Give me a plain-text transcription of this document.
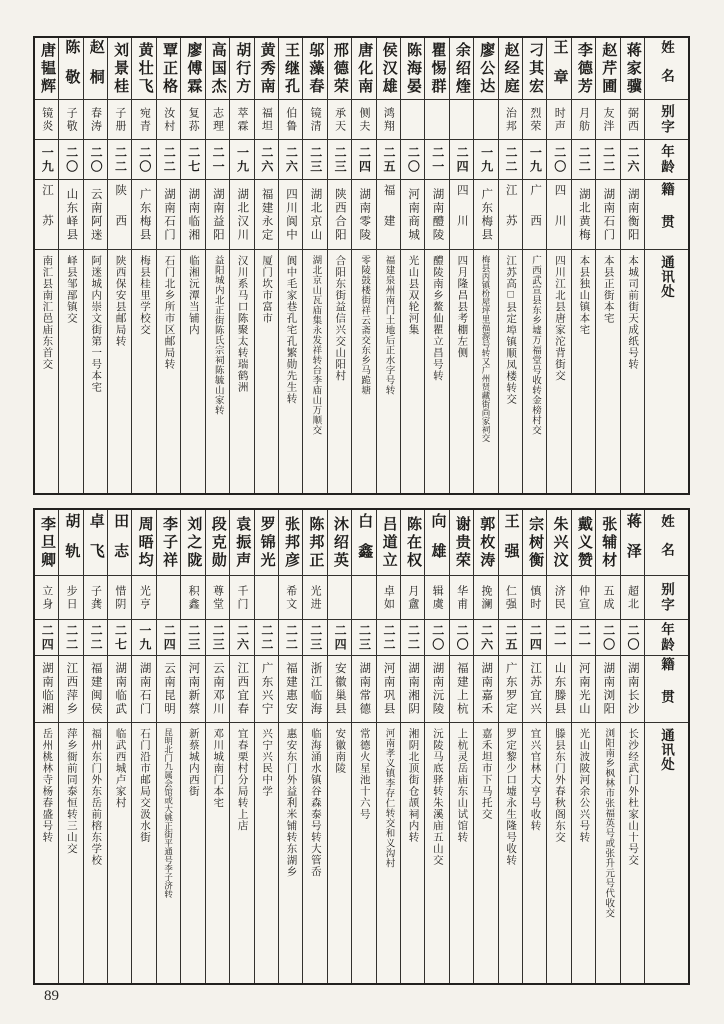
姓名
别字
年龄
籍贯
通讯处
蒋家骥
弼西
二六
湖南衡阳
本城司前街天成纸号转
赵芹圃
友泮
二二
湖南石门
本县正街本宅
李德芳
月舫
二二
湖北黄梅
本县独山镇本宅
王章
时声
二〇
四川
四川江北县唐家沱背街交
刁其宏
烈荣
一九
广西
广西武宣县东乡墟万福堂号收转金榜村交
赵经庭
治邦
二二
江苏
江苏高□县定埠镇顺凤楼转交
廖公达
一九
广东梅县
梅县丙镇枌屋坪里福源号转又广州贤藏街尚家祠交
余绍煃
二四
四川
四月隆昌县考棚左侧
瞿惕群
二一
湖南醴陵
醴陵南乡鳌仙瞿立昌号转
陈海晏
二〇
河南商城
光山县双轮河集
侯汉雄
鸿翔
二五
福建
福建泉州南门土地后正水字号转
唐化南
侧夫
二四
湖南零陵
零陵鼓楼街祥云斋交东乡马跪塘
邢德荣
承天
二三
陕西合阳
合阳东街益信兴交山阳村
邬藻春
镜清
二三
湖北京山
湖北京山瓦庙集永发祥转台李庙山万顺交
王继孔
伯鲁
二六
四川阆中
阆中毛家巷孔宅孔繁勋先生转
黄秀南
福坦
二六
福建永定
厦门坎市富市
胡行方
萃霖
一九
湖北汉川
汉川系马口陈聚太转瑞鹤洲
高国杰
志理
二一
湖南益阳
益阳城内北正街陈氏宗祠陈毓山家转
廖傅霖
复荪
二七
湖南临湘
临湘沅潭当铺内
覃正格
汝村
二二
湖南石门
石门北乡所市区邮局转
黄壮飞
宛青
二〇
广东梅县
梅县桂里学校交
刘景桂
子册
二二
陕西
陕西保安县邮局转
赵桐
春涛
二〇
云南阿迷
阿迷城内崇文街第一号本宅
陈敬
子敬
二〇
山东峄县
峄县邹郚镇交
唐韫辉
镜炎
一九
江苏
南汇县南汇邑庙东首交
姓名
别字
年龄
籍贯
通讯处
蒋泽
超北
二〇
湖南长沙
长沙经武门外杜家山十号交
张辅材
五成
二〇
湖南浏阳
浏阳南乡枫林市张福英号或张升元号代收交
戴义赞
仲宣
二一
河南光山
光山波陂河余公兴号转
朱兴汶
济民
二一
山东滕县
滕县东门外春秋阁东交
宗树衡
慎时
二四
江苏宜兴
宜兴官林大亨号收转
王强
仁强
二五
广东罗定
罗定黎少口墟永生隆号收转
郭枚涛
挽澜
二六
湖南嘉禾
嘉禾坦市下马托交
谢贵荣
华甫
二〇
福建上杭
上杭灵岳庙东山试馆转
向雄
辑虞
二〇
湖南沅陵
沅陵马底驿转朱溪庙五山交
陈在权
月盦
二二
湖南湘阴
湘阴北顶街仓颉祠内转
吕道立
卓如
二二
河南巩县
河南孝义镇李存仁转交和义沟村
白鑫
二三
湖南常德
常德火星池十六号
沐绍英
二四
安徽巢县
安徽南陵
陈邦正
光进
二三
浙江临海
临海涌水镇谷森泰号转大管岙
张邦彦
希文
二二
福建惠安
惠安东门外益利米铺转东湖乡
罗锦光
二二
广东兴宁
兴宁兴民中学
袁振声
千门
二六
江西宜春
宜春栗村分局转上店
段克勋
尊堂
二三
云南邓川
邓川城南门本宅
刘之陇
积鑫
二三
河南新蔡
新蔡城内西街
李子祥
二四
云南昆明
昆明北门九属会馆或大姚正街平通号李子济转
周晤均
光亨
一九
湖南石门
石门沿市邮局交汲水街
田志
惜阴
二七
湖南临武
临武西城卢家村
卓飞
子龚
二二
福建闽侯
福州东门外东岳前榕东学校
胡轨
步日
二二
江西萍乡
萍乡衙前同泰恒转三山交
李旦卿
立身
二四
湖南临湘
岳州桃林寺杨春盛号转
89
